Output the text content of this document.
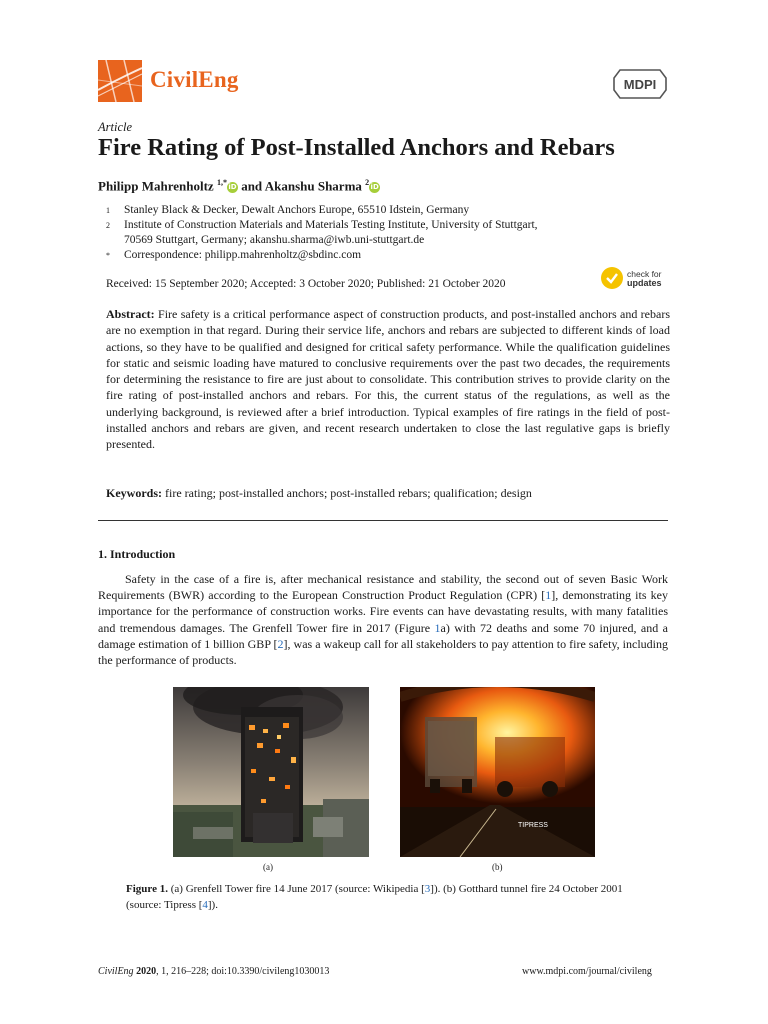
CivilEng	MDPI
Article
Fire Rating of Post-Installed Anchors and Rebars
Philipp Mahrenholtz $^{1,*}$iD and Akanshu Sharma $^2$iD
1 Stanley Black & Decker, Dewalt Anchors Europe, 65510 Idstein, Germany
2 Institute of Construction Materials and Materials Testing Institute, University of Stuttgart,
70569 Stuttgart, Germany; akanshu.sharma@iwb.uni-stuttgart.de
* Correspondence: philipp.mahrenholtz@sbdinc.com
Received: 15 September 2020; Accepted: 3 October 2020; Published: 21 October 2020
check for
updates
Abstract: Fire safety is a critical performance aspect of construction products, and post-installed anchors and rebars are no exemption in that regard. During their service life, anchors and rebars are subjected to different kinds of load actions, so they have to be qualified and designed for critical safety performance. While the qualification guidelines for static and seismic loading have matured to conclusive requirements over the past two decades, the requirements for determining the resistance to fire are just about to consolidate. This contribution strives to provide clarity on the fire rating of post-installed anchors and rebars. For this, the current status of the regulations, as well as the underlying background, is reviewed after a brief introduction. Typical examples of fire ratings in the field of post-installed anchors and rebars are given, and recent research undertaken to close the last regulative gaps is briefly presented.
Keywords: fire rating; post-installed anchors; post-installed rebars; qualification; design
1. Introduction
Safety in the case of a fire is, after mechanical resistance and stability, the second out of seven Basic Work Requirements (BWR) according to the European Construction Product Regulation (CPR) [1], demonstrating its key importance for the performance of construction works. Fire events can have devastating results, with many fatalities and tremendous damages. The Grenfell Tower fire in 2017 (Figure 1a) with 72 deaths and some 70 injured, and a damage estimation of 1 billion GBP [2], was a wakeup call for all stakeholders to pay attention to fire safety, including the performance of products.
TIPRESS
(a)	(b)
Figure 1. (a) Grenfell Tower fire 14 June 2017 (source: Wikipedia [3]). (b) Gotthard tunnel fire 24 October 2001 (source: Tipress [4]).
CivilEng 2020, 1, 216–228; doi:10.3390/civileng1030013	www.mdpi.com/journal/civileng
